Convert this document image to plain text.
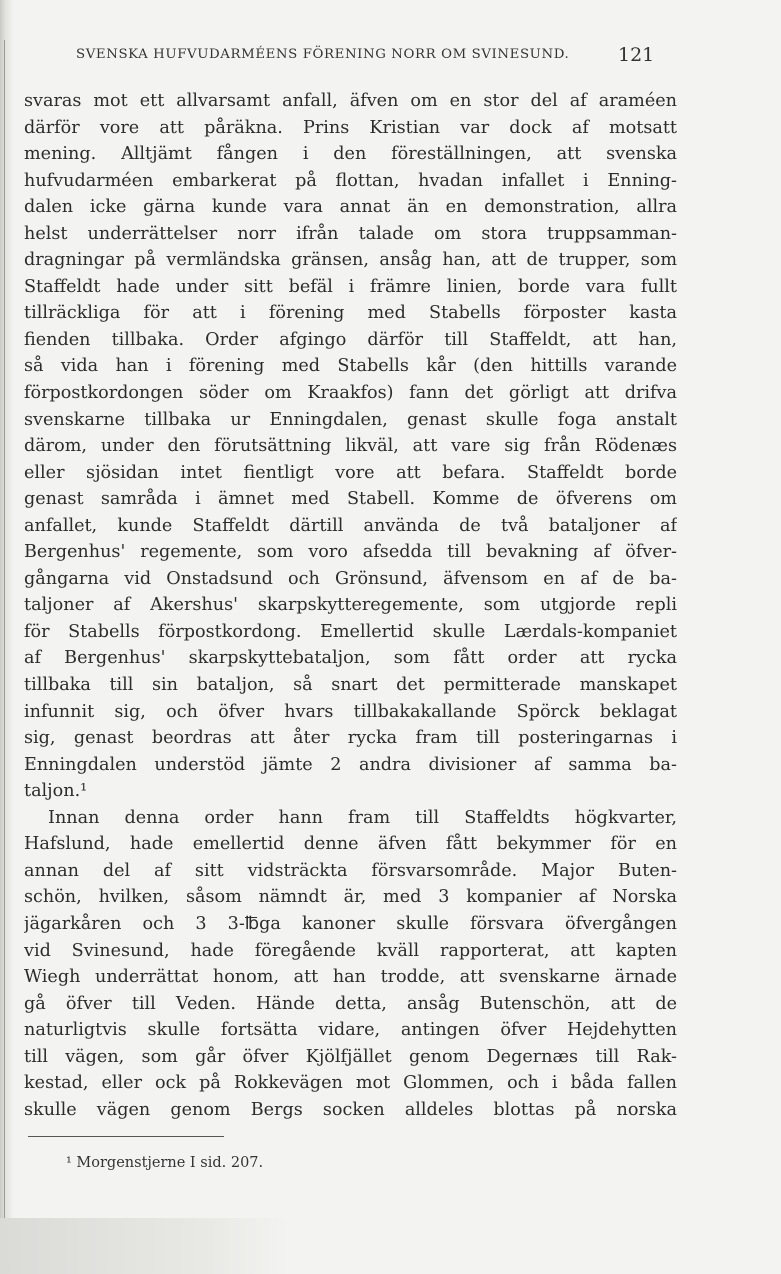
SVENSKA HUFVUDARMÉENS FÖRENING NORR OM SVINESUND.	121
svaras mot ett allvarsamt anfall, äfven om en stor del af araméen
därför vore att påräkna. Prins Kristian var dock af motsatt
mening. Alltjämt fången i den föreställningen, att svenska
hufvudarméen embarkerat på flottan, hvadan infallet i Enning-
dalen icke gärna kunde vara annat än en demonstration, allra
helst underrättelser norr ifrån talade om stora truppsamman-
dragningar på vermländska gränsen, ansåg han, att de trupper, som
Staffeldt hade under sitt befäl i främre linien, borde vara fullt
tillräckliga för att i förening med Stabells förposter kasta
fienden tillbaka. Order afgingo därför till Staffeldt, att han,
så vida han i förening med Stabells kår (den hittills varande
förpostkordongen söder om Kraakfos) fann det görligt att drifva
svenskarne tillbaka ur Enningdalen, genast skulle foga anstalt
därom, under den förutsättning likväl, att vare sig från Rödenæs
eller sjösidan intet fientligt vore att befara. Staffeldt borde
genast samråda i ämnet med Stabell. Komme de öfverens om
anfallet, kunde Staffeldt därtill använda de två bataljoner af
Bergenhus' regemente, som voro afsedda till bevakning af öfver-
gångarna vid Onstadsund och Grönsund, äfvensom en af de ba-
taljoner af Akershus' skarpskytteregemente, som utgjorde repli
för Stabells förpostkordong. Emellertid skulle Lærdals-kompaniet
af Bergenhus' skarpskyttebataljon, som fått order att rycka
tillbaka till sin bataljon, så snart det permitterade manskapet
infunnit sig, och öfver hvars tillbakakallande Spörck beklagat
sig, genast beordras att åter rycka fram till posteringarnas i
Enningdalen understöd jämte 2 andra divisioner af samma ba-
taljon.¹
Innan denna order hann fram till Staffeldts högkvarter,
Hafslund, hade emellertid denne äfven fått bekymmer för en
annan del af sitt vidsträckta försvarsområde. Major Buten-
schön, hvilken, såsom nämndt är, med 3 kompanier af Norska
jägarkåren och 3 3-℔ga kanoner skulle försvara öfvergången
vid Svinesund, hade föregående kväll rapporterat, att kapten
Wiegh underrättat honom, att han trodde, att svenskarne ärnade
gå öfver till Veden. Hände detta, ansåg Butenschön, att de
naturligtvis skulle fortsätta vidare, antingen öfver Hejdehytten
till vägen, som går öfver Kjölfjället genom Degernæs till Rak-
kestad, eller ock på Rokkevägen mot Glommen, och i båda fallen
skulle vägen genom Bergs socken alldeles blottas på norska
¹ Morgenstjerne I sid. 207.
